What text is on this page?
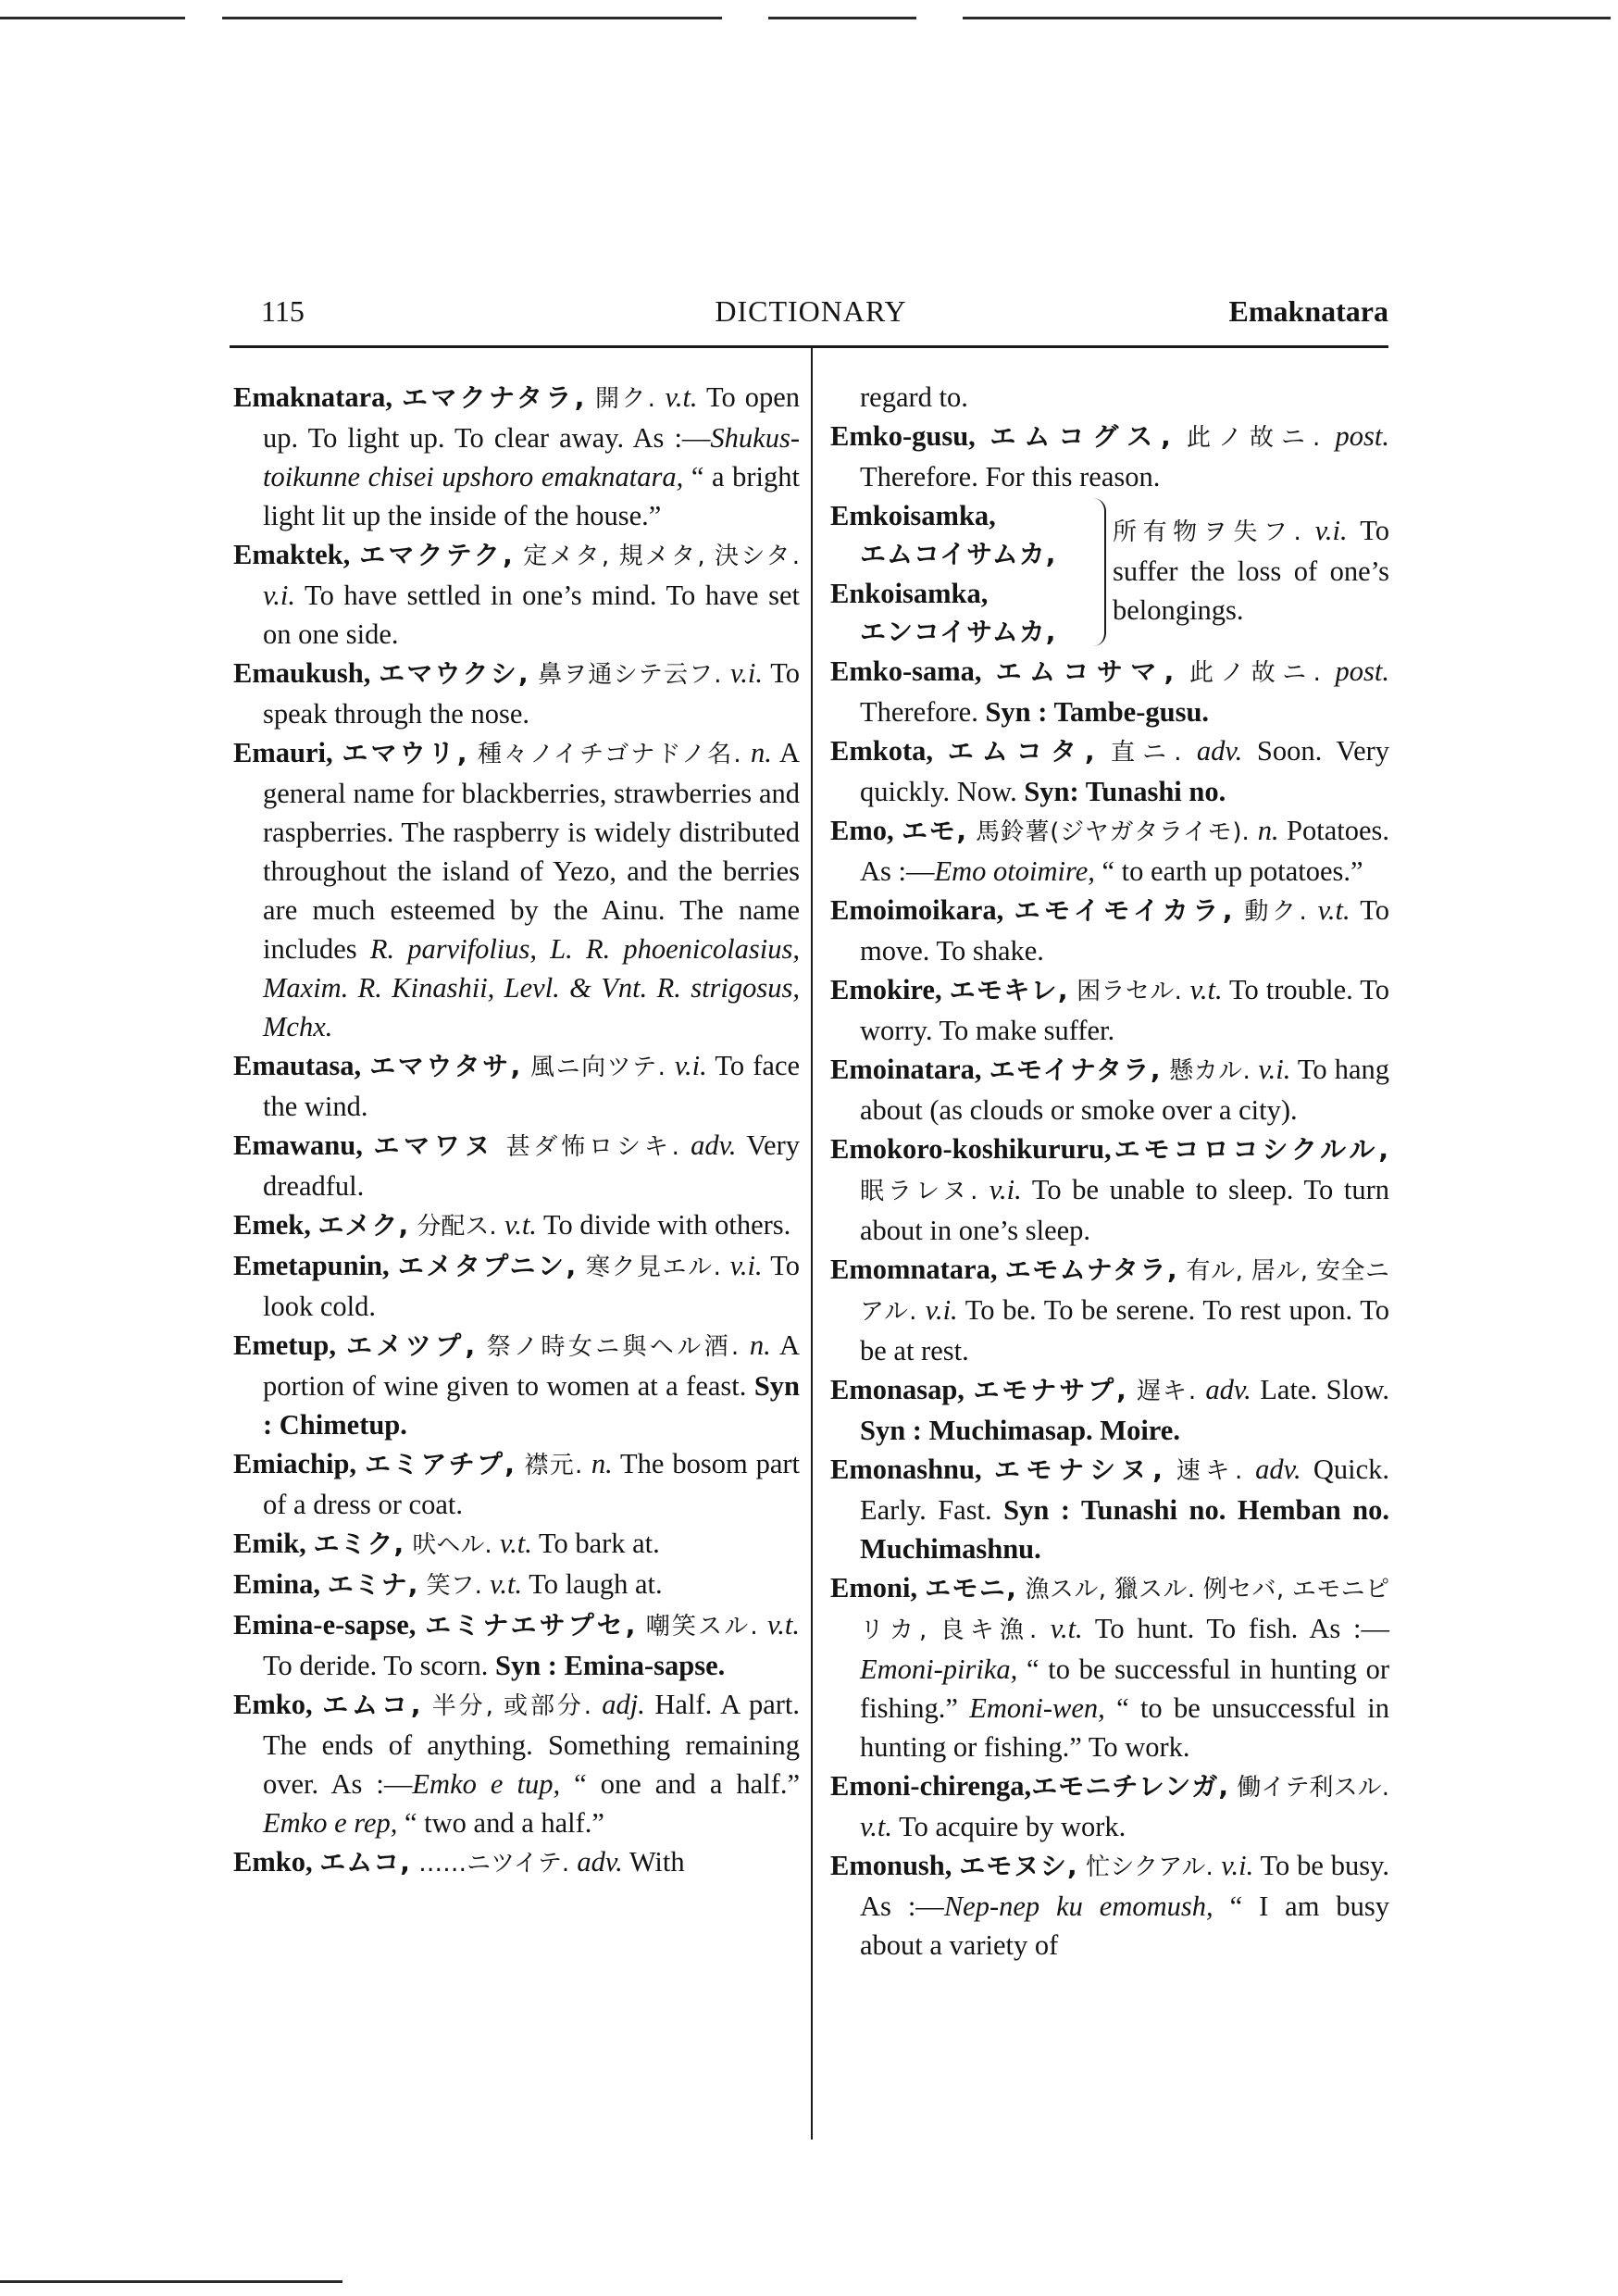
115	DICTIONARY	Emaknatara

Emaknatara, エマクナタラ, 開ク. v.t. To open up. To light up. To clear away. As :—Shukus-toikunne chisei upshoro emaknatara, “ a bright light lit up the inside of the house.”

Emaktek, エマクテク, 定メタ, 規メタ, 決シタ. v.i. To have settled in one’s mind. To have set on one side.

Emaukush, エマウクシ, 鼻ヲ通シテ云フ. v.i. To speak through the nose.

Emauri, エマウリ, 種々ノイチゴナドノ名. n. A general name for blackberries, strawberries and raspberries. The raspberry is widely distributed throughout the island of Yezo, and the berries are much esteemed by the Ainu. The name includes R. parvifolius, L. R. phoenicolasius, Maxim. R. Kinashii, Levl. & Vnt. R. strigosus, Mchx.

Emautasa, エマウタサ, 風ニ向ツテ. v.i. To face the wind.

Emawanu, エマワヌ 甚ダ怖ロシキ. adv. Very dreadful.

Emek, エメク, 分配ス. v.t. To divide with others.

Emetapunin, エメタプニン, 寒ク見エル. v.i. To look cold.

Emetup, エメツプ, 祭ノ時女ニ與ヘル酒. n. A portion of wine given to women at a feast. Syn : Chimetup.

Emiachip, エミアチプ, 襟元. n. The bosom part of a dress or coat.

Emik, エミク, 吠ヘル. v.t. To bark at.

Emina, エミナ, 笑フ. v.t. To laugh at.

Emina-e-sapse, エミナエサプセ, 嘲笑スル. v.t. To deride. To scorn. Syn : Emina-sapse.

Emko, エムコ, 半分, 或部分. adj. Half. A part. The ends of anything. Something remaining over. As :—Emko e tup, “ one and a half.” Emko e rep, “ two and a half.”

Emko, エムコ, ……ニツイテ. adv. With

regard to.

Emko-gusu, エムコグス, 此ノ故ニ. post. Therefore. For this reason.

Emkoisamka,
エムコイサムカ,
Enkoisamka,
エンコイサムカ,
所有物ヲ失フ. v.i. To suffer the loss of one’s belongings.

Emko-sama, エムコサマ, 此ノ故ニ. post. Therefore. Syn : Tambe-gusu.

Emkota, エムコタ, 直ニ. adv. Soon. Very quickly. Now. Syn: Tunashi no.

Emo, エモ, 馬鈴薯(ジヤガタライモ). n. Potatoes. As :—Emo otoimire, “ to earth up potatoes.”

Emoimoikara, エモイモイカラ, 動ク. v.t. To move. To shake.

Emokire, エモキレ, 困ラセル. v.t. To trouble. To worry. To make suffer.

Emoinatara, エモイナタラ, 懸カル. v.i. To hang about (as clouds or smoke over a city).

Emokoro-koshikururu,エモコロコシクルル, 眠ラレヌ. v.i. To be unable to sleep. To turn about in one’s sleep.

Emomnatara, エモムナタラ, 有ル, 居ル, 安全ニアル. v.i. To be. To be serene. To rest upon. To be at rest.

Emonasap, エモナサプ, 遅キ. adv. Late. Slow. Syn : Muchimasap. Moire.

Emonashnu, エモナシヌ, 速キ. adv. Quick. Early. Fast. Syn : Tunashi no. Hemban no. Muchimashnu.

Emoni, エモニ, 漁スル, 獵スル. 例セバ, エモニピリカ, 良キ漁. v.t. To hunt. To fish. As :—Emoni-pirika, “ to be successful in hunting or fishing.” Emoni-wen, “ to be unsuccessful in hunting or fishing.” To work.

Emoni-chirenga,エモニチレンガ, 働イテ利スル. v.t. To acquire by work.

Emonush, エモヌシ, 忙シクアル. v.i. To be busy. As :—Nep-nep ku emomush, “ I am busy about a variety of
